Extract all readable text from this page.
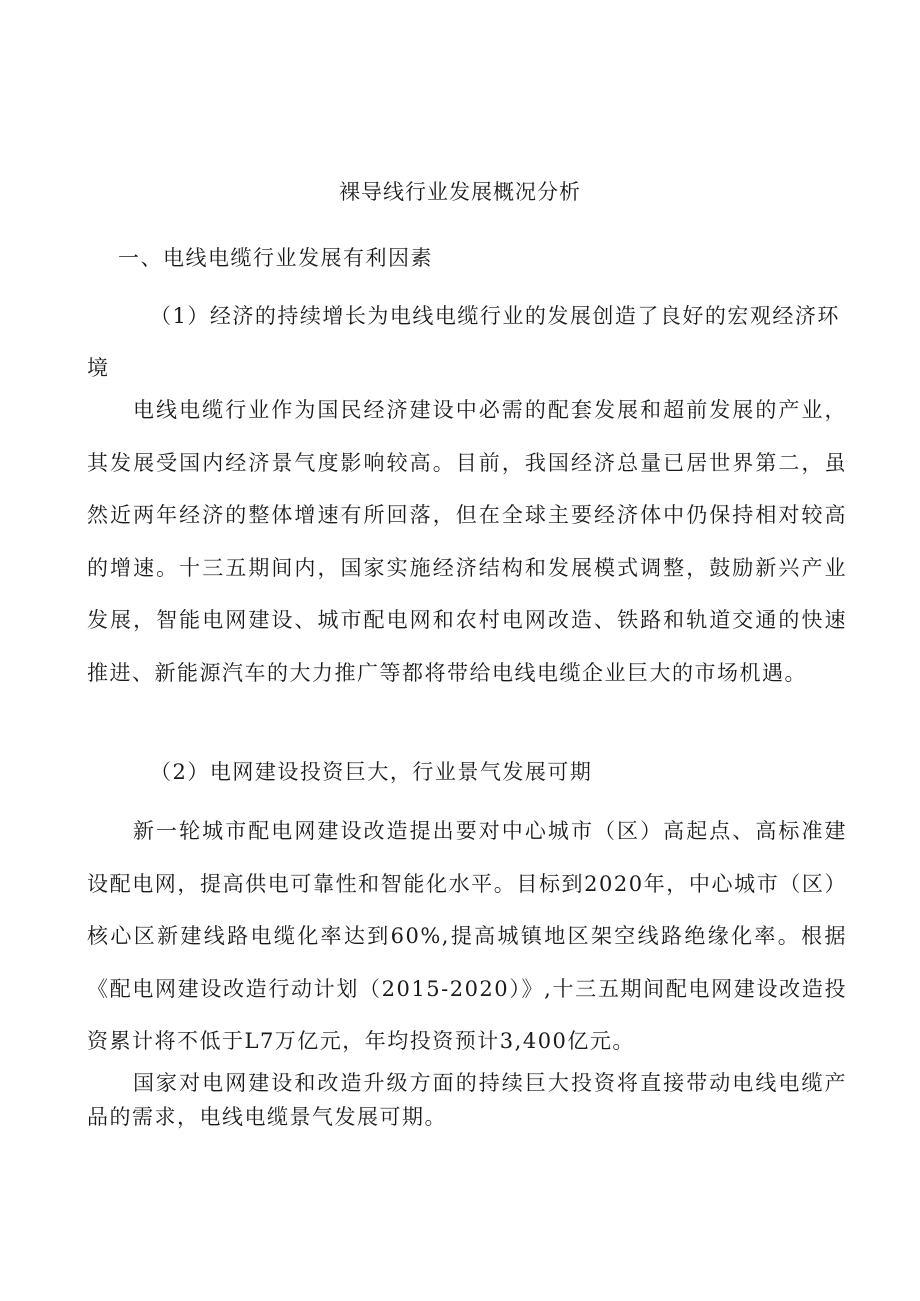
裸导线行业发展概况分析
一、电线电缆行业发展有利因素

（1）经济的持续增长为电线电缆行业的发展创造了良好的宏观经济环境

电线电缆行业作为国民经济建设中必需的配套发展和超前发展的产业，其发展受国内经济景气度影响较高。目前，我国经济总量已居世界第二，虽然近两年经济的整体增速有所回落，但在全球主要经济体中仍保持相对较高的增速。十三五期间内，国家实施经济结构和发展模式调整，鼓励新兴产业发展，智能电网建设、城市配电网和农村电网改造、铁路和轨道交通的快速推进、新能源汽车的大力推广等都将带给电线电缆企业巨大的市场机遇。

（2）电网建设投资巨大，行业景气发展可期

新一轮城市配电网建设改造提出要对中心城市（区）高起点、高标准建设配电网，提高供电可靠性和智能化水平。目标到2020年，中心城市（区）核心区新建线路电缆化率达到60%,提高城镇地区架空线路绝缘化率。根据《配电网建设改造行动计划（2015-2020）》,十三五期间配电网建设改造投资累计将不低于L7万亿元，年均投资预计3,400亿元。

国家对电网建设和改造升级方面的持续巨大投资将直接带动电线电缆产品的需求，电线电缆景气发展可期。
